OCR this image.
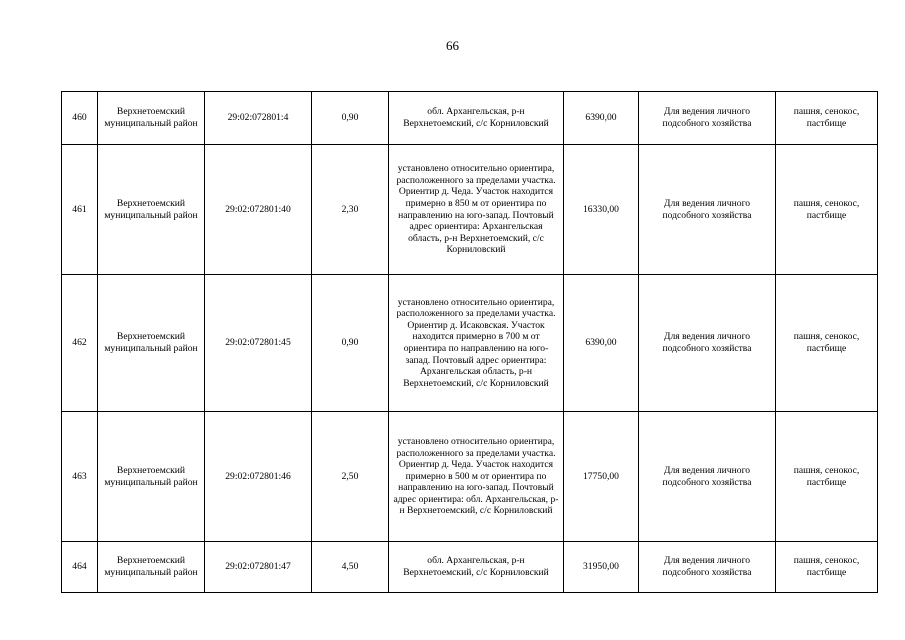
66
460	Верхнетоемский муниципальный район	29:02:072801:4	0,90	обл. Архангельская, р-н Верхнетоемский, с/с Корниловский	6390,00	Для ведения личного подсобного хозяйства	пашня, сенокос, пастбище
461	Верхнетоемский муниципальный район	29:02:072801:40	2,30	установлено относительно ориентира, расположенного за пределами участка. Ориентир д. Чеда. Участок находится примерно в 850 м от ориентира по направлению на юго-запад. Почтовый адрес ориентира: Архангельская область, р-н Верхнетоемский, с/с Корниловский	16330,00	Для ведения личного подсобного хозяйства	пашня, сенокос, пастбище
462	Верхнетоемский муниципальный район	29:02:072801:45	0,90	установлено относительно ориентира, расположенного за пределами участка. Ориентир д. Исаковская. Участок находится примерно в 700 м от ориентира по направлению на юго-запад. Почтовый адрес ориентира: Архангельская область, р-н Верхнетоемский, с/с Корниловский	6390,00	Для ведения личного подсобного хозяйства	пашня, сенокос, пастбище
463	Верхнетоемский муниципальный район	29:02:072801:46	2,50	установлено относительно ориентира, расположенного за пределами участка. Ориентир д. Чеда. Участок находится примерно в 500 м от ориентира по направлению на юго-запад. Почтовый адрес ориентира: обл. Архангельская, р-н Верхнетоемский, с/с Корниловский	17750,00	Для ведения личного подсобного хозяйства	пашня, сенокос, пастбище
464	Верхнетоемский муниципальный район	29:02:072801:47	4,50	обл. Архангельская, р-н Верхнетоемский, с/с Корниловский	31950,00	Для ведения личного подсобного хозяйства	пашня, сенокос, пастбище
